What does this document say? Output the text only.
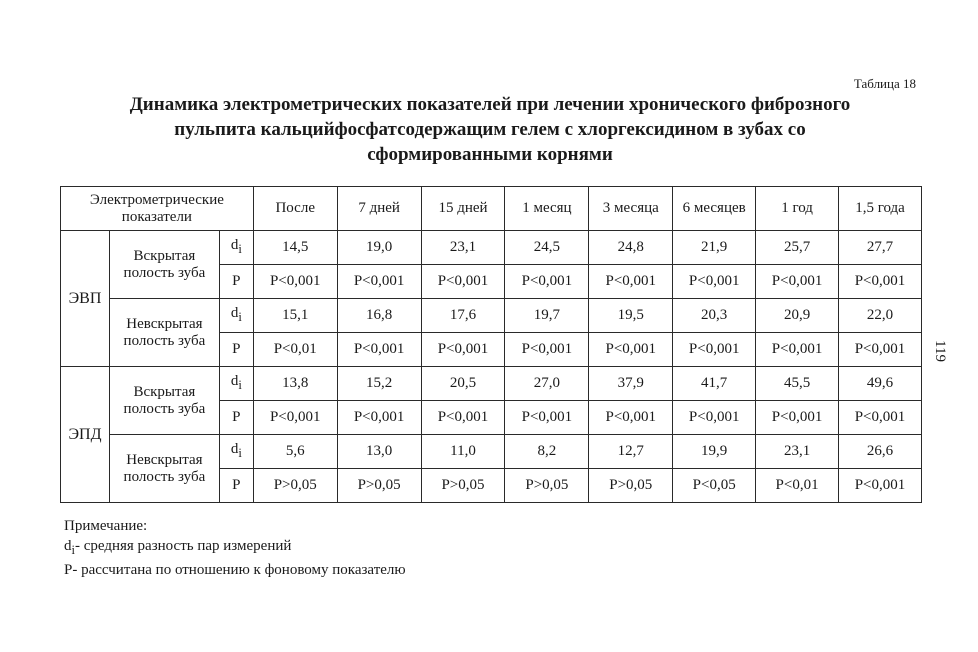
Таблица 18
Динамика электрометрических показателей при лечении хронического фиброзного
пульпита кальцийфосфатсодержащим гелем с хлоргексидином в зубах со
сформированными корнями
Электрометрические показатели			После	7 дней	15 дней	1 месяц	3 месяца	6 месяцев	1 год	1,5 года
ЭВП	Вскрытая полость зуба	$d_i$	14,5	19,0	23,1	24,5	24,8	21,9	25,7	27,7
		P	P<0,001	P<0,001	P<0,001	P<0,001	P<0,001	P<0,001	P<0,001	P<0,001
	Невскрытая полость зуба	$d_i$	15,1	16,8	17,6	19,7	19,5	20,3	20,9	22,0
		P	P<0,01	P<0,001	P<0,001	P<0,001	P<0,001	P<0,001	P<0,001	P<0,001
ЭПД	Вскрытая полость зуба	$d_i$	13,8	15,2	20,5	27,0	37,9	41,7	45,5	49,6
		P	P<0,001	P<0,001	P<0,001	P<0,001	P<0,001	P<0,001	P<0,001	P<0,001
	Невскрытая полость зуба	$d_i$	5,6	13,0	11,0	8,2	12,7	19,9	23,1	26,6
		P	P>0,05	P>0,05	P>0,05	P>0,05	P>0,05	P<0,05	P<0,01	P<0,001
Примечание:
$d_i-$ средняя разность пар измерений
P- рассчитана по отношению к фоновому показателю
119
